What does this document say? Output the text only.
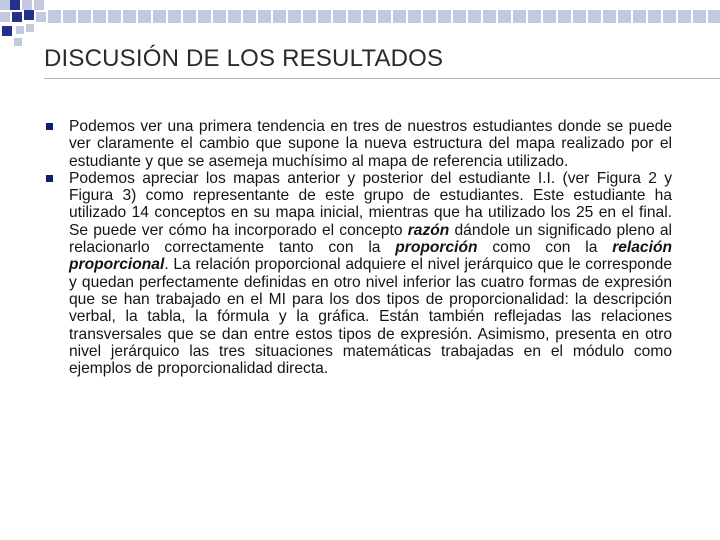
DISCUSIÓN DE LOS RESULTADOS
Podemos ver una primera tendencia en tres de nuestros estudiantes donde se puede ver claramente el cambio que supone la nueva estructura del mapa realizado por el estudiante y que se asemeja muchísimo al mapa de referencia utilizado.
Podemos apreciar los mapas anterior y posterior del estudiante I.I. (ver Figura 2 y Figura 3) como representante de este grupo de estudiantes. Este estudiante ha utilizado 14 conceptos en su mapa inicial, mientras que ha utilizado los 25 en el final. Se puede ver cómo ha incorporado el concepto razón dándole un significado pleno al relacionarlo correctamente tanto con la proporción como con la relación proporcional. La relación proporcional adquiere el nivel jerárquico que le corresponde y quedan perfectamente definidas en otro nivel inferior las cuatro formas de expresión que se han trabajado en el MI para los dos tipos de proporcionalidad: la descripción verbal, la tabla, la fórmula y la gráfica. Están también reflejadas las relaciones transversales que se dan entre estos tipos de expresión. Asimismo, presenta en otro nivel jerárquico las tres situaciones matemáticas trabajadas en el módulo como ejemplos de proporcionalidad directa.
